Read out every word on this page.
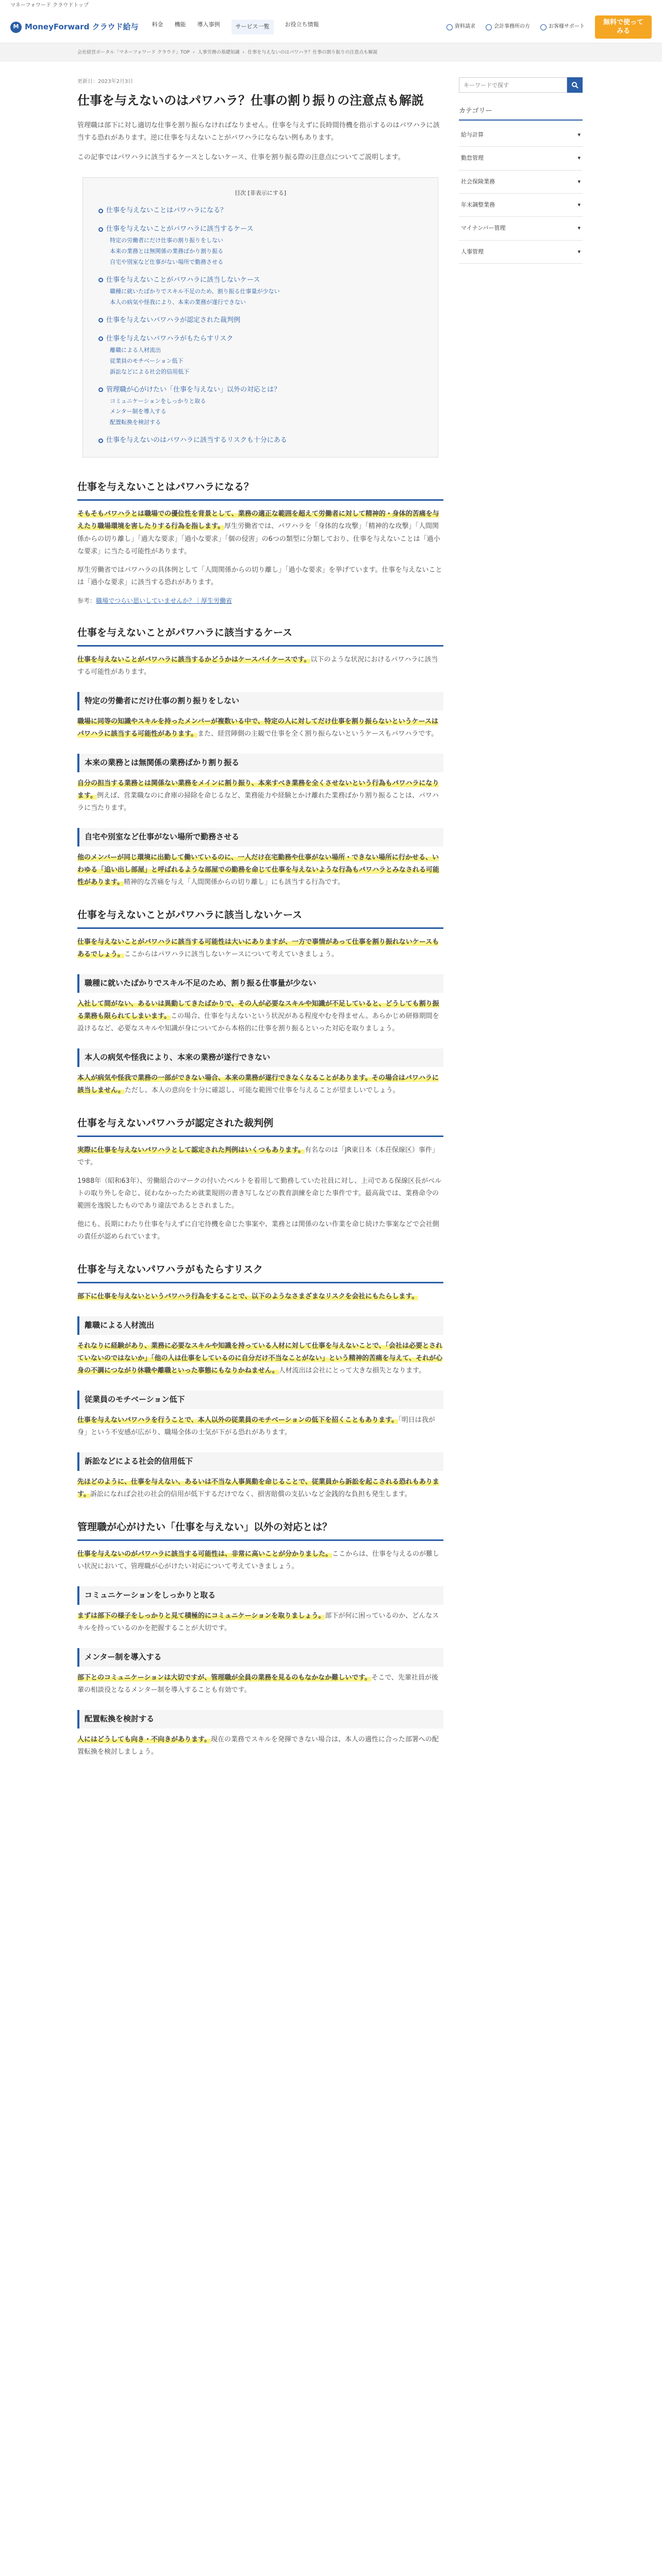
マネーフォワード クラウドトップ
M MoneyForward クラウド給与 料金 機能 導入事例	サービス一覧	お役立ち情報	資料請求	会計事務所の方	お客様サポート
無料で使ってみる
会社経営ポータル「マネーフォワード クラウド」TOP › 人事労務の基礎知識 › 仕事を与えないのはパワハラ？仕事の割り振りの注意点も解説
更新日：2023年2月3日
仕事を与えないのはパワハラ？仕事の割り振りの注意点も解説

管理職は部下に対し適切な仕事を割り振らなければなりません。仕事を与えずに長時間待機を指示するのはパワハラに該当する恐れがあります。逆に仕事を与えないことがパワハラにならない例もあります。

この記事ではパワハラに該当するケースとしないケース、仕事を割り振る際の注意点についてご説明します。

目次 [非表示にする]
仕事を与えないことはパワハラになる？
仕事を与えないことがパワハラに該当するケース
特定の労働者にだけ仕事の割り振りをしない
本来の業務とは無関係の業務ばかり割り振る
自宅や別室など仕事がない場所で勤務させる
仕事を与えないことがパワハラに該当しないケース
職種に就いたばかりでスキル不足のため、割り振る仕事量が少ない
本人の病気や怪我により、本来の業務が遂行できない
仕事を与えないパワハラが認定された裁判例
仕事を与えないパワハラがもたらすリスク
離職による人材流出
従業員のモチベーション低下
訴訟などによる社会的信用低下
管理職が心がけたい「仕事を与えない」以外の対応とは？
コミュニケーションをしっかりと取る
メンター制を導入する
配置転換を検討する
仕事を与えないのはパワハラに該当するリスクも十分にある
仕事を与えないことはパワハラになる？

そもそもパワハラとは職場での優位性を背景として、業務の適正な範囲を超えて労働者に対して精神的・身体的苦痛を与えたり職場環境を害したりする行為を指します。厚生労働省では、パワハラを「身体的な攻撃」「精神的な攻撃」「人間関係からの切り離し」「過大な要求」「過小な要求」「個の侵害」の6つの類型に分類しており、仕事を与えないことは「過小な要求」に当たる可能性があります。

厚生労働省ではパワハラの具体例として「人間関係からの切り離し」「過小な要求」を挙げています。仕事を与えないことは「過小な要求」に該当する恐れがあります。

参考：職場でつらい思いしていませんか？｜厚生労働省

仕事を与えないことがパワハラに該当するケース

仕事を与えないことがパワハラに該当するかどうかはケースバイケースです。以下のような状況におけるパワハラに該当する可能性があります。

特定の労働者にだけ仕事の割り振りをしない

職場に同等の知識やスキルを持ったメンバーが複数いる中で、特定の人に対してだけ仕事を割り振らないというケースはパワハラに該当する可能性があります。また、経営陣側の主観で仕事を全く割り振らないというケースもパワハラです。

本来の業務とは無関係の業務ばかり割り振る

自分の担当する業務とは関係ない業務をメインに割り振り、本来すべき業務を全くさせないという行為もパワハラになります。例えば、営業職なのに倉庫の掃除を命じるなど、業務能力や経験とかけ離れた業務ばかり割り振ることは、パワハラに当たります。

自宅や別室など仕事がない場所で勤務させる

他のメンバーが同じ環境に出勤して働いているのに、一人だけ在宅勤務や仕事がない場所・できない場所に行かせる、いわゆる「追い出し部屋」と呼ばれるような部屋での勤務を命じて仕事を与えないような行為もパワハラとみなされる可能性があります。精神的な苦痛を与え「人間関係からの切り離し」にも該当する行為です。

仕事を与えないことがパワハラに該当しないケース

仕事を与えないことがパワハラに該当する可能性は大いにありますが、一方で事情があって仕事を割り振れないケースもあるでしょう。ここからはパワハラに該当しないケースについて考えていきましょう。

職種に就いたばかりでスキル不足のため、割り振る仕事量が少ない

入社して間がない、あるいは異動してきたばかりで、その人が必要なスキルや知識が不足していると、どうしても割り振る業務も限られてしまいます。この場合、仕事を与えないという状況がある程度やむを得ません。あらかじめ研修期間を設けるなど、必要なスキルや知識が身についてから本格的に仕事を割り振るといった対応を取りましょう。

本人の病気や怪我により、本来の業務が遂行できない

本人が病気や怪我で業務の一部ができない場合、本来の業務が遂行できなくなることがあります。その場合はパワハラに該当しません。ただし、本人の意向を十分に確認し、可能な範囲で仕事を与えることが望ましいでしょう。

仕事を与えないパワハラが認定された裁判例

実際に仕事を与えないパワハラとして認定された判例はいくつもあります。有名なのは「JR東日本（本荘保線区）事件」です。

1988年（昭和63年）、労働組合のマークの付いたベルトを着用して勤務していた社員に対し、上司である保線区長がベルトの取り外しを命じ、従わなかったため就業規則の書き写しなどの教育訓練を命じた事件です。最高裁では、業務命令の範囲を逸脱したものであり違法であるとされました。

他にも、長期にわたり仕事を与えずに自宅待機を命じた事案や、業務とは関係のない作業を命じ続けた事案などで会社側の責任が認められています。

仕事を与えないパワハラがもたらすリスク

部下に仕事を与えないというパワハラ行為をすることで、以下のようなさまざまなリスクを会社にもたらします。

離職による人材流出

それなりに経験があり、業務に必要なスキルや知識を持っている人材に対して仕事を与えないことで、「会社は必要とされていないのではないか」「他の人は仕事をしているのに自分だけ不当なことがない」という精神的苦痛を与えて、それが心身の不調につながり休職や離職といった事態にもなりかねません。人材流出は会社にとって大きな損失となります。

従業員のモチベーション低下

仕事を与えないパワハラを行うことで、本人以外の従業員のモチベーションの低下を招くこともあります。「明日は我が身」という不安感が広がり、職場全体の士気が下がる恐れがあります。

訴訟などによる社会的信用低下

先ほどのように、仕事を与えない、あるいは不当な人事異動を命じることで、従業員から訴訟を起こされる恐れもあります。訴訟になれば会社の社会的信用が低下するだけでなく、損害賠償の支払いなど金銭的な負担も発生します。

管理職が心がけたい「仕事を与えない」以外の対応とは？

仕事を与えないのがパワハラに該当する可能性は、非常に高いことが分かりました。ここからは、仕事を与えるのが難しい状況において、管理職が心がけたい対応について考えていきましょう。

コミュニケーションをしっかりと取る

まずは部下の様子をしっかりと見て積極的にコミュニケーションを取りましょう。部下が何に困っているのか、どんなスキルを持っているのかを把握することが大切です。

メンター制を導入する

部下とのコミュニケーションは大切ですが、管理職が全員の業務を見るのもなかなか難しいです。そこで、先輩社員が後輩の相談役となるメンター制を導入することも有効です。

配置転換を検討する

人にはどうしても向き・不向きがあります。現在の業務でスキルを発揮できない場合は、本人の適性に合った部署への配置転換を検討しましょう。

キーワードで探す
カテゴリー
給与計算	▾
勤怠管理	▾
社会保険業務	▾
年末調整業務	▾
マイナンバー管理	▾
人事管理	▾
